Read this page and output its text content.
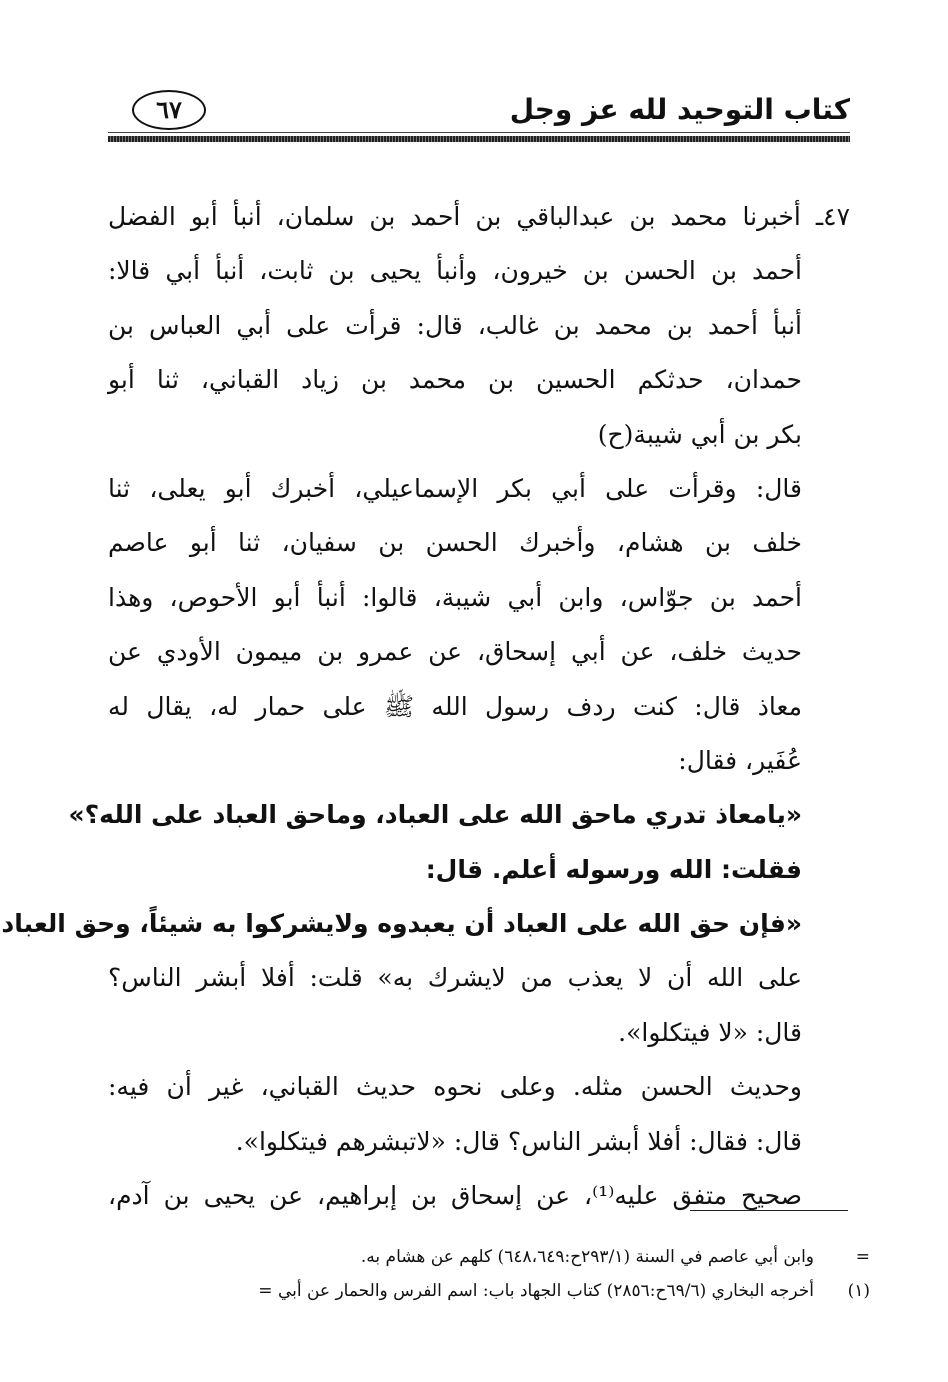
كتاب التوحيد لله عز وجل
٦٧
٤٧ـ أخبرنا محمد بن عبدالباقي بن أحمد بن سلمان، أنبأ أبو الفضل
أحمد بن الحسن بن خيرون، وأنبأ يحيى بن ثابت، أنبأ أبي قالا:
أنبأ أحمد بن محمد بن غالب، قال: قرأت على أبي العباس بن
حمدان، حدثكم الحسين بن محمد بن زياد القباني، ثنا أبو
بكر بن أبي شيبة(ح)
قال: وقرأت على أبي بكر الإسماعيلي، أخبرك أبو يعلى، ثنا
خلف بن هشام، وأخبرك الحسن بن سفيان، ثنا أبو عاصم
أحمد بن جوّاس، وابن أبي شيبة، قالوا: أنبأ أبو الأحوص، وهذا
حديث خلف، عن أبي إسحاق، عن عمرو بن ميمون الأودي عن
معاذ قال: كنت ردف رسول الله ﷺ على حمار له، يقال له
عُفَير، فقال:
«يامعاذ تدري ماحق الله على العباد، وماحق العباد على الله؟»
فقلت: الله ورسوله أعلم. قال:
«فإن حق الله على العباد أن يعبدوه ولايشركوا به شيئاً، وحق العباد
على الله أن لا يعذب من لايشرك به» قلت: أفلا أبشر الناس؟
قال: «لا فيتكلوا».
وحديث الحسن مثله. وعلى نحوه حديث القباني، غير أن فيه:
قال: فقال: أفلا أبشر الناس؟ قال: «لاتبشرهم فيتكلوا».
صحيح متفق عليه⁽¹⁾، عن إسحاق بن إبراهيم، عن يحيى بن آدم،
=
وابن أبي عاصم في السنة (٢٩٣/١ح:٦٤٨،٦٤٩) كلهم عن هشام به.
(١)
أخرجه البخاري (٦٩/٦ح:٢٨٥٦) كتاب الجهاد باب: اسم الفرس والحمار عن أبي =
